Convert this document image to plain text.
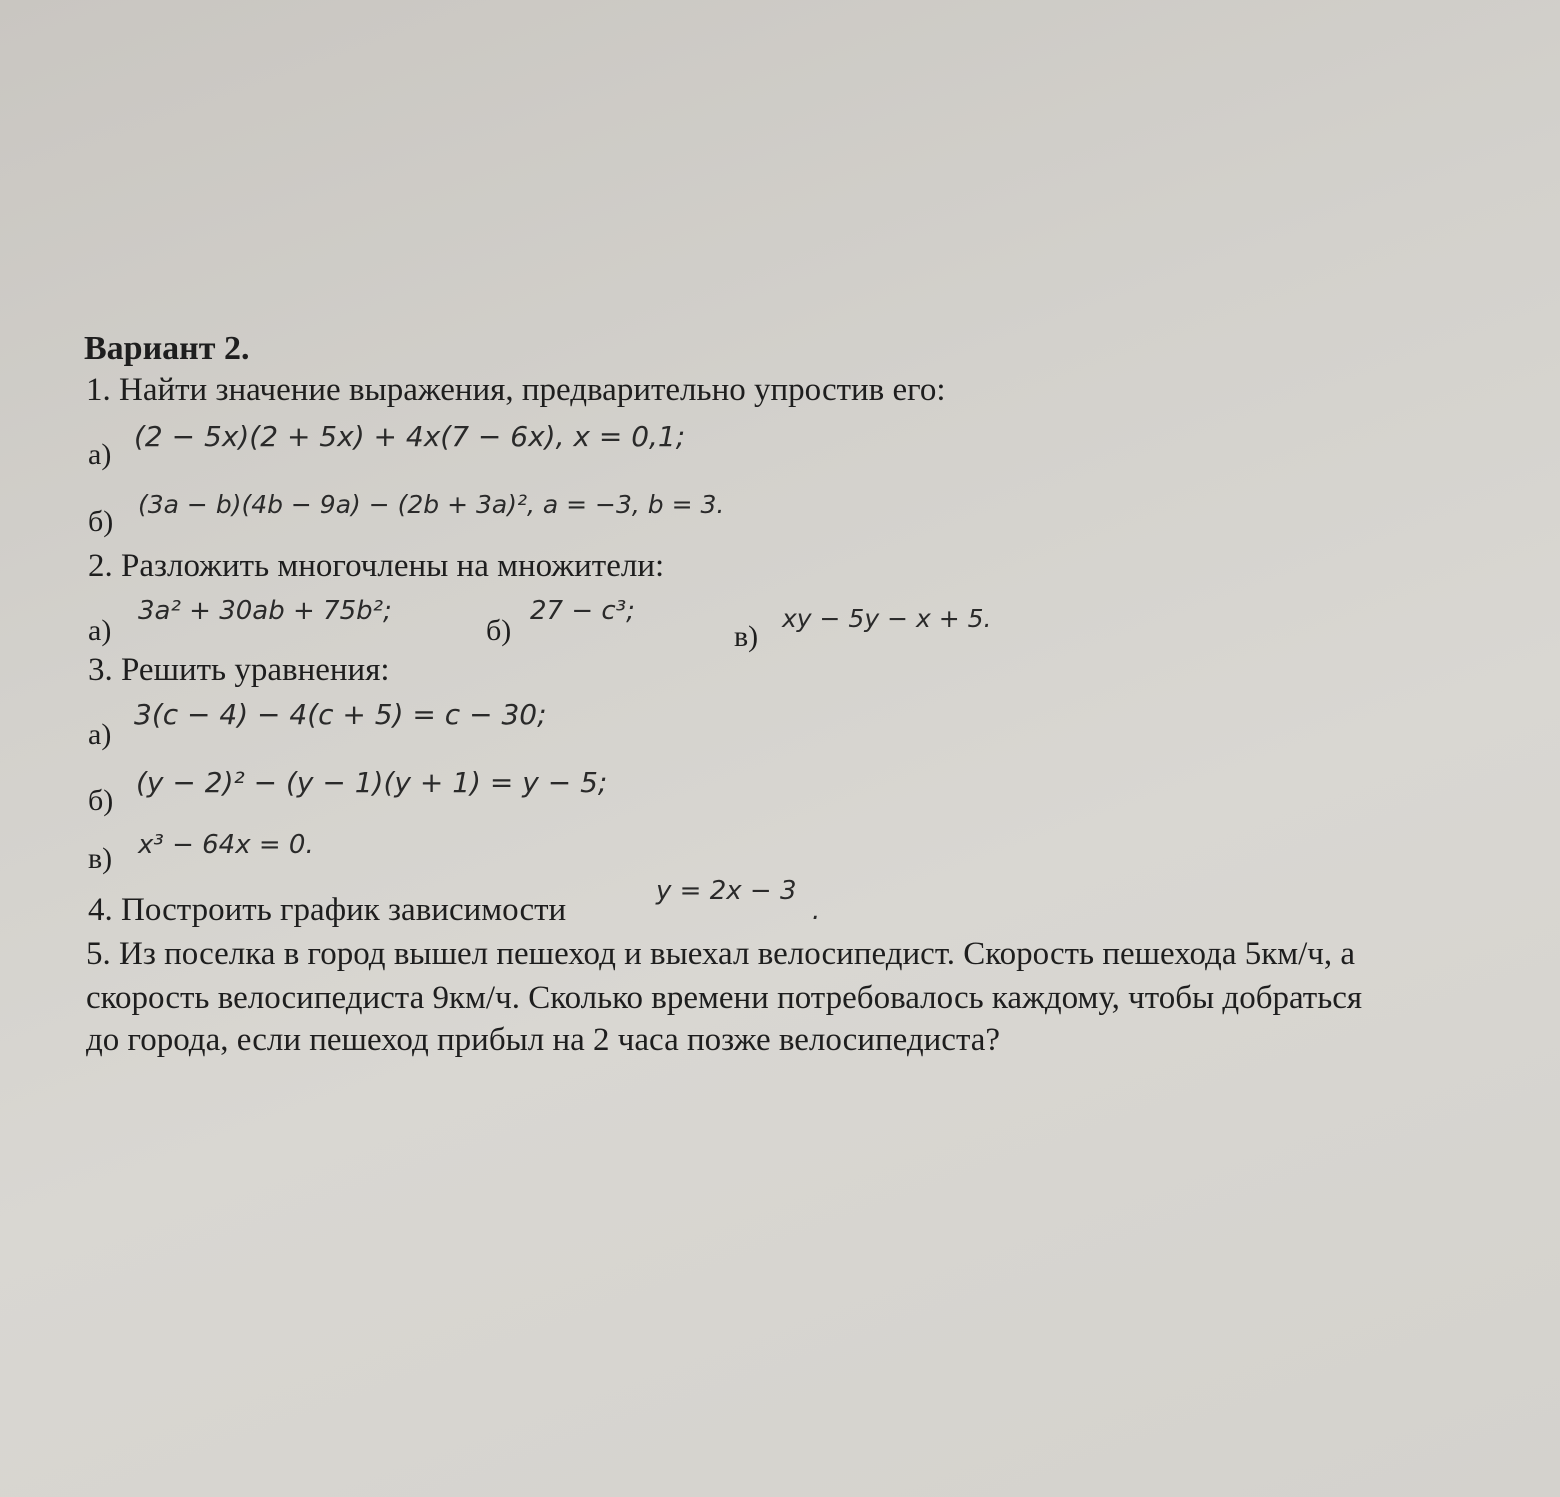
Вариант 2.
1. Найти значение выражения, предварительно упростив его:
а)
(2 − 5x)(2 + 5x) + 4x(7 − 6x), x = 0,1;
б)
(3a − b)(4b − 9a) − (2b + 3a)², a = −3, b = 3.
2. Разложить многочлены на множители:
а)
3a² + 30ab + 75b²;
б)
27 − c³;
в)
xy − 5y − x + 5.
3. Решить уравнения:
а)
3(c − 4) − 4(c + 5) = c − 30;
б)
(y − 2)² − (y − 1)(y + 1) = y − 5;
в) x³ − 64x = 0.
4. Построить график зависимости
y = 2x − 3
.
5. Из поселка в город вышел пешеход и выехал велосипедист. Скорость пешехода 5км/ч, а
скорость велосипедиста 9км/ч. Сколько времени потребовалось каждому, чтобы добраться
до города, если пешеход прибыл на 2 часа позже велосипедиста?
